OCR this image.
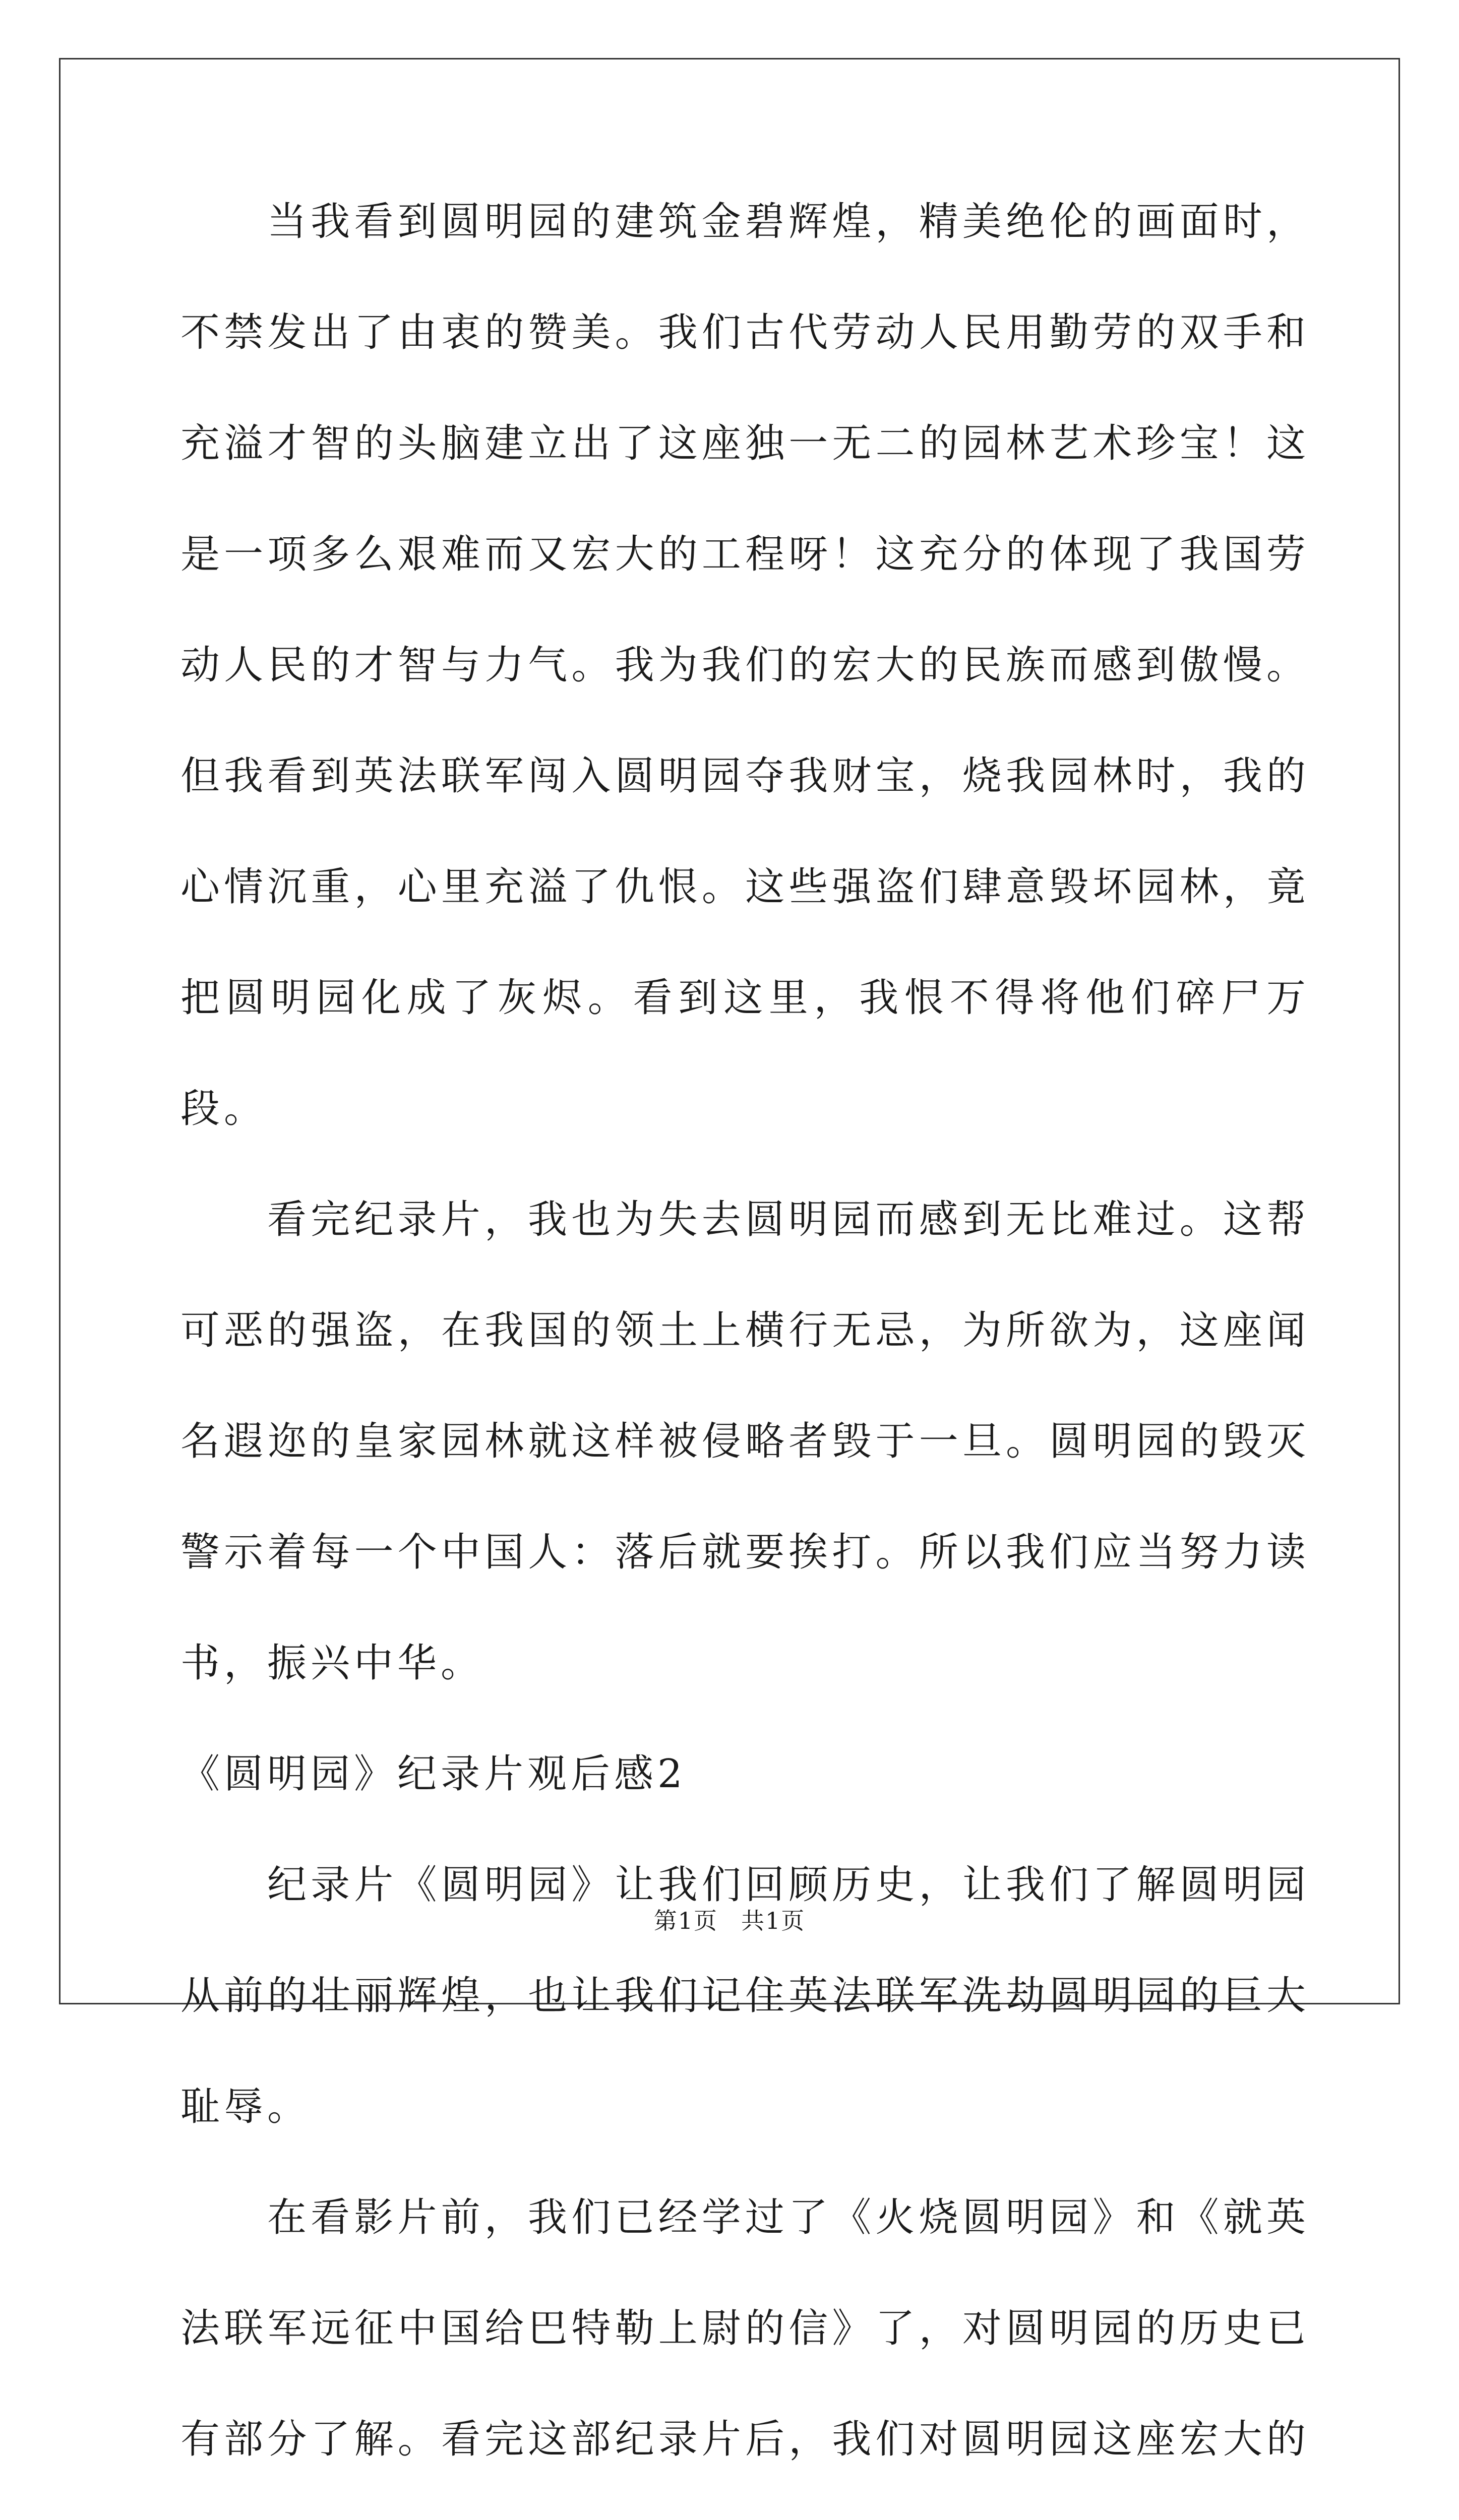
当我看到圆明园的建筑金碧辉煌，精美绝伦的画面时，不禁发出了由衷的赞美。我们古代劳动人民用勤劳的双手和充溢才智的头脑建立出了这座独一无二的园林艺术珍宝！这是一项多么艰难而又宏大的工程呀！这充分的体现了我国劳动人民的才智与力气。我为我们的宏大的民族而感到傲慢。但我看到英法联军闯入圆明园夺我财宝，烧我园林时，我的心情沉重，心里充溢了仇恨。这些强盗们肆意毁坏园林，竟把圆明园化成了灰烬。看到这里，我恨不得将他们碎尸万段。

看完纪录片，我也为失去圆明园而感到无比难过。这帮可恶的强盗，在我国的领土上横行无忌，为所欲为，这座闻名遐迩的皇家园林就这样被侵略者毁于一旦。圆明园的毁灭警示着每一个中国人：落后就要挨打。所以我们应当努力读书，振兴中华。

《圆明园》纪录片观后感2

纪录片《圆明园》让我们回顾历史，让我们了解圆明园从前的壮丽辉煌，也让我们记住英法联军洗劫圆明园的巨大耻辱。

在看影片前，我们已经学过了《火烧圆明园》和《就英法联军远征中国给巴特勒上尉的信》了，对圆明园的历史已有部分了解。看完这部纪录片后，我们对圆明园这座宏大的

第1页 共1页
